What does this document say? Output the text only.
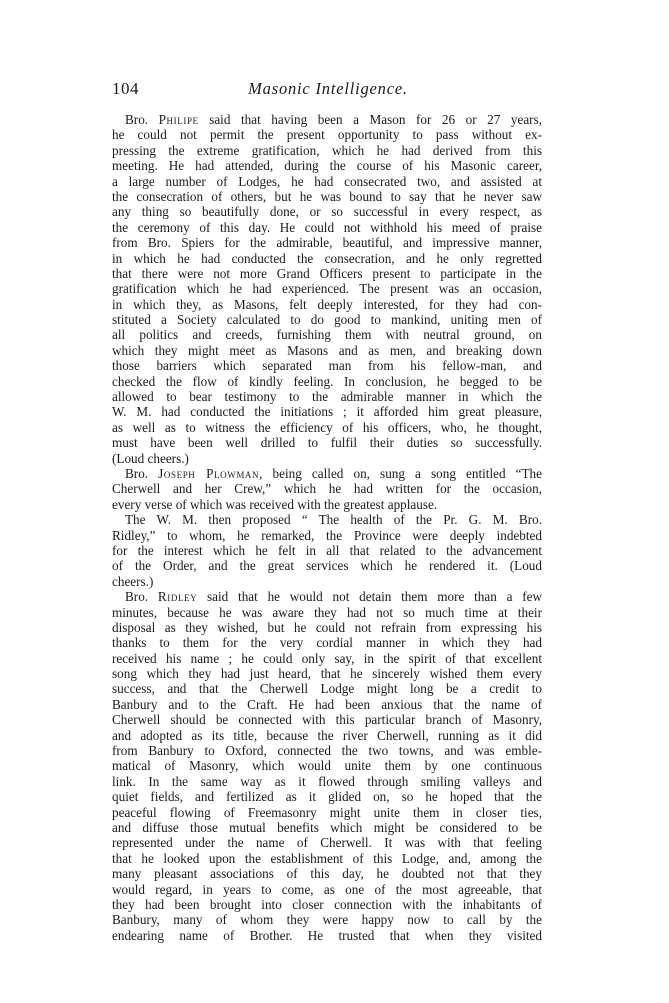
104	Masonic Intelligence.
Bro. Philipe said that having been a Mason for 26 or 27 years,
he could not permit the present opportunity to pass without ex-
pressing the extreme gratification, which he had derived from this
meeting. He had attended, during the course of his Masonic career,
a large number of Lodges, he had consecrated two, and assisted at
the consecration of others, but he was bound to say that he never saw
any thing so beautifully done, or so successful in every respect, as
the ceremony of this day. He could not withhold his meed of praise
from Bro. Spiers for the admirable, beautiful, and impressive manner,
in which he had conducted the consecration, and he only regretted
that there were not more Grand Officers present to participate in the
gratification which he had experienced. The present was an occasion,
in which they, as Masons, felt deeply interested, for they had con-
stituted a Society calculated to do good to mankind, uniting men of
all politics and creeds, furnishing them with neutral ground, on
which they might meet as Masons and as men, and breaking down
those barriers which separated man from his fellow-man, and
checked the flow of kindly feeling. In conclusion, he begged to be
allowed to bear testimony to the admirable manner in which the
W. M. had conducted the initiations ; it afforded him great pleasure,
as well as to witness the efficiency of his officers, who, he thought,
must have been well drilled to fulfil their duties so successfully.
(Loud cheers.)
Bro. Joseph Plowman, being called on, sung a song entitled “The
Cherwell and her Crew,” which he had written for the occasion,
every verse of which was received with the greatest applause.
The W. M. then proposed “ The health of the Pr. G. M. Bro.
Ridley,” to whom, he remarked, the Province were deeply indebted
for the interest which he felt in all that related to the advancement
of the Order, and the great services which he rendered it. (Loud
cheers.)
Bro. Ridley said that he would not detain them more than a few
minutes, because he was aware they had not so much time at their
disposal as they wished, but he could not refrain from expressing his
thanks to them for the very cordial manner in which they had
received his name ; he could only say, in the spirit of that excellent
song which they had just heard, that he sincerely wished them every
success, and that the Cherwell Lodge might long be a credit to
Banbury and to the Craft. He had been anxious that the name of
Cherwell should be connected with this particular branch of Masonry,
and adopted as its title, because the river Cherwell, running as it did
from Banbury to Oxford, connected the two towns, and was emble-
matical of Masonry, which would unite them by one continuous
link. In the same way as it flowed through smiling valleys and
quiet fields, and fertilized as it glided on, so he hoped that the
peaceful flowing of Freemasonry might unite them in closer ties,
and diffuse those mutual benefits which might be considered to be
represented under the name of Cherwell. It was with that feeling
that he looked upon the establishment of this Lodge, and, among the
many pleasant associations of this day, he doubted not that they
would regard, in years to come, as one of the most agreeable, that
they had been brought into closer connection with the inhabitants of
Banbury, many of whom they were happy now to call by the
endearing name of Brother. He trusted that when they visited
